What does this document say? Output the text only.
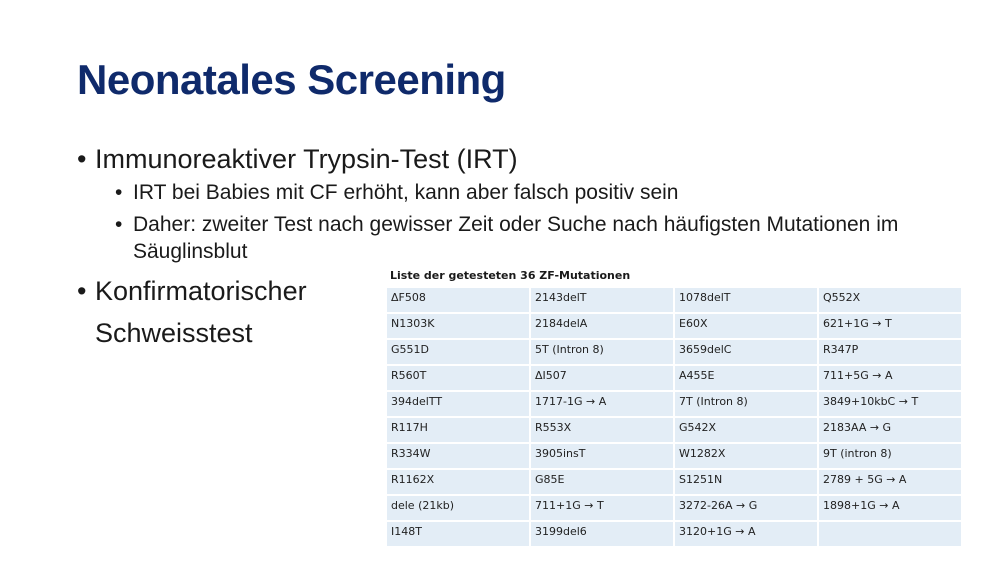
Neonatales Screening
• Immunoreaktiver Trypsin-Test (IRT)
• IRT bei Babies mit CF erhöht, kann aber falsch positiv sein
• Daher: zweiter Test nach gewisser Zeit oder Suche nach häufigsten Mutationen im
Säuglinsblut
• Konfirmatorischer
Schweisstest
Liste der getesteten 36 ZF-Mutationen
ΔF508	2143delT	1078delT	Q552X
N1303K	2184delA	E60X	621+1G → T
G551D	5T (Intron 8)	3659delC	R347P
R560T	ΔI507	A455E	711+5G → A
394delTT	1717-1G → A	7T (Intron 8)	3849+10kbC → T
R117H	R553X	G542X	2183AA → G
R334W	3905insT	W1282X	9T (intron 8)
R1162X	G85E	S1251N	2789 + 5G → A
dele (21kb)	711+1G → T	3272-26A → G	1898+1G → A
I148T	3199del6	3120+1G → A	
